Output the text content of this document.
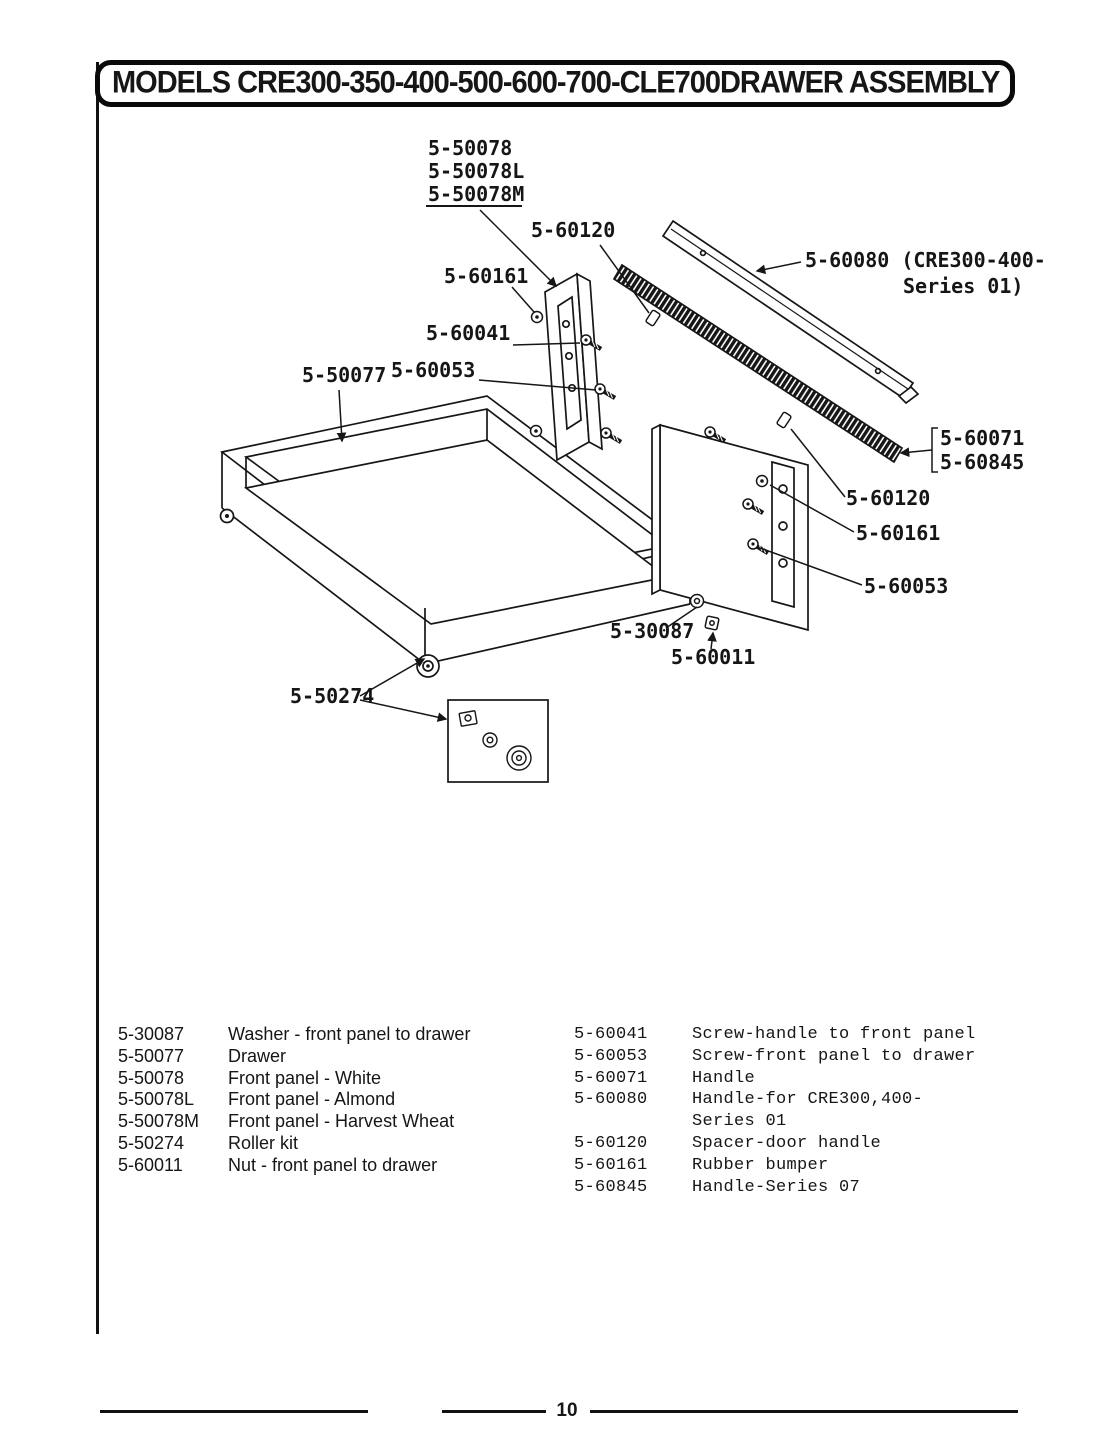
MODELS CRE300-350-400-500-600-700-CLE700 DRAWER ASSEMBLY
5-50078
5-50078L
5-50078M
5-60120
5-60161
5-60041
5-60053
5-50077
5-60080 (CRE300-400-
Series 01)
5-60071
5-60845
5-60120
5-60161
5-60053
5-30087
5-60011
5-50274
5-30087	Washer - front panel to drawer
5-50077	Drawer
5-50078	Front panel - White
5-50078L	Front panel - Almond
5-50078M	Front panel - Harvest Wheat
5-50274	Roller kit
5-60011	Nut - front panel to drawer
5-60041	Screw-handle to front panel
5-60053	Screw-front panel to drawer
5-60071	Handle
5-60080	Handle-for CRE300,400-
Series 01
5-60120	Spacer-door handle
5-60161	Rubber bumper
5-60845	Handle-Series 07
10
